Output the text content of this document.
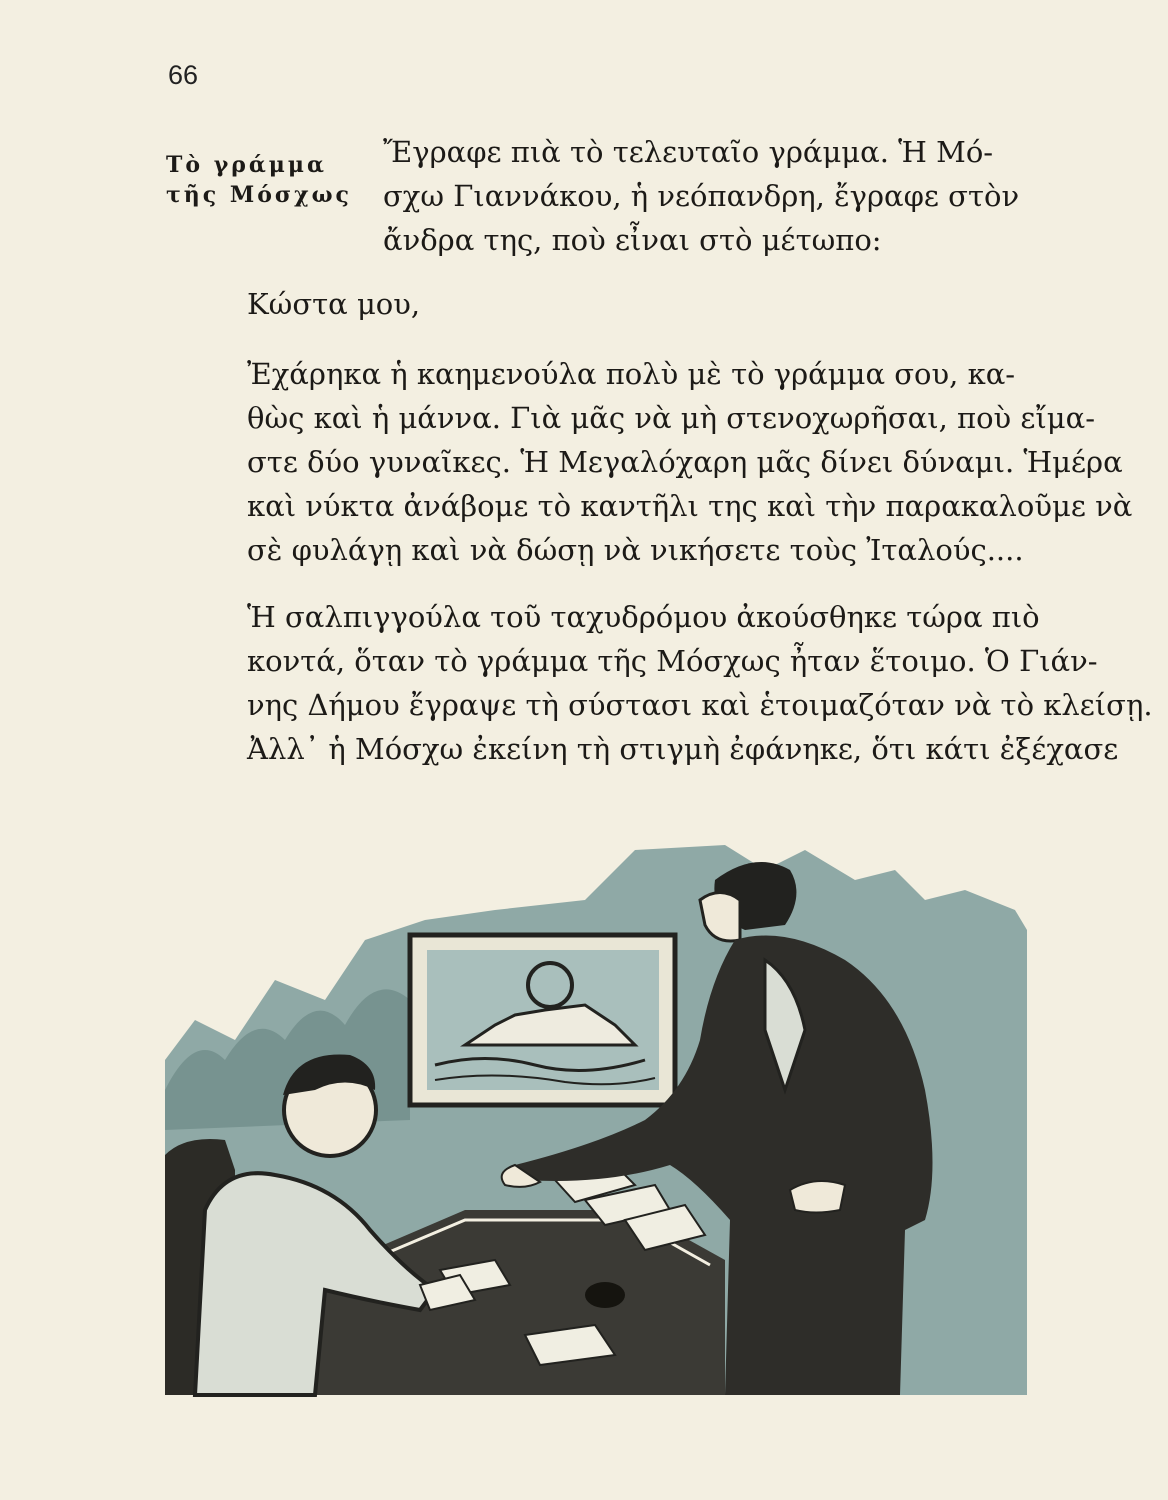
66
Τὸ γράμμα
τῆς Μόσχως
Ἔγραφε πιὰ τὸ τελευταῖο γράμμα. Ἡ Μό-
σχω Γιαννάκου, ἡ νεόπανδρη, ἔγραφε στὸν
ἄνδρα της, ποὺ εἶναι στὸ μέτωπο:
Κώστα μου,
Ἐχάρηκα ἡ καημενούλα πολὺ μὲ τὸ γράμμα σου, κα-
θὼς καὶ ἡ μάννα. Γιὰ μᾶς νὰ μὴ στενοχωρῆσαι, ποὺ εἴμα-
στε δύο γυναῖκες. Ἡ Μεγαλόχαρη μᾶς δίνει δύναμι. Ἡμέρα
καὶ νύκτα ἀνάβομε τὸ καντῆλι της καὶ τὴν παρακαλοῦμε νὰ
σὲ φυλάγῃ καὶ νὰ δώσῃ νὰ νικήσετε τοὺς Ἰταλούς....
Ἡ σαλπιγγούλα τοῦ ταχυδρόμου ἀκούσθηκε τώρα πιὸ
κοντά, ὅταν τὸ γράμμα τῆς Μόσχως ἦταν ἕτοιμο. Ὁ Γιάν-
νης Δήμου ἔγραψε τὴ σύστασι καὶ ἑτοιμαζόταν νὰ τὸ κλείσῃ.
Ἀλλ᾽ ἡ Μόσχω ἐκείνη τὴ στιγμὴ ἐφάνηκε, ὅτι κάτι ἐξέχασε
